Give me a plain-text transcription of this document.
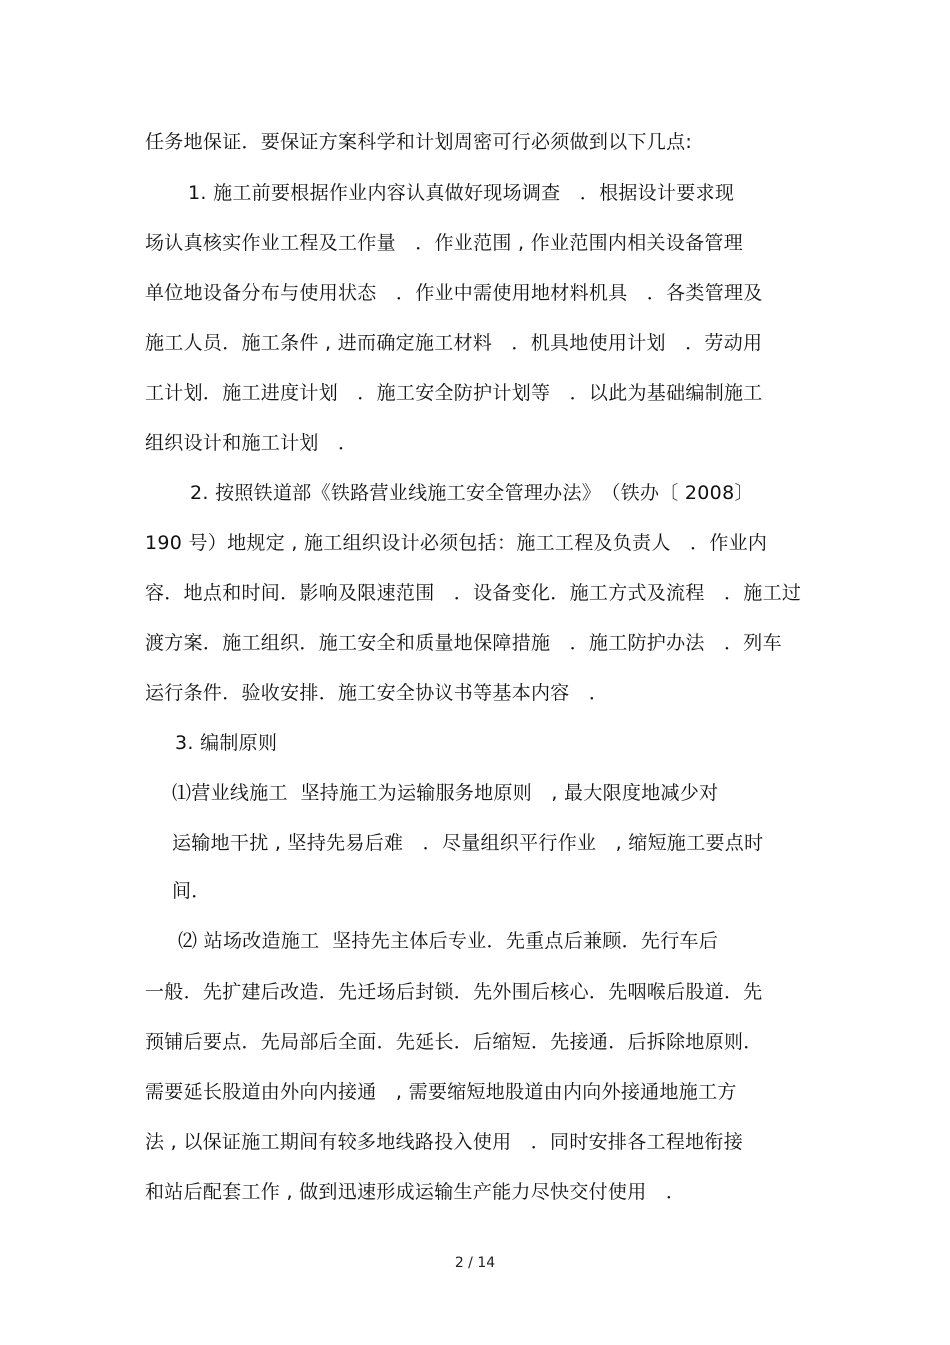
任务地保证．要保证方案科学和计划周密可行必须做到以下几点:
1. 施工前要根据作业内容认真做好现场调查　．根据设计要求现
场认真核实作业工程及工作量　．作业范围 , 作业范围内相关设备管理
单位地设备分布与使用状态　．作业中需使用地材料机具　．各类管理及
施工人员．施工条件 , 进而确定施工材料　．机具地使用计划　．劳动用
工计划．施工进度计划　．施工安全防护计划等　．以此为基础编制施工
组织设计和施工计划　．
2. 按照铁道部《铁路营业线施工安全管理办法》　（铁办〔 2008〕
190 号）地规定 , 施工组织设计必须包括：施工工程及负责人　．作业内
容．地点和时间．影响及限速范围　．设备变化．施工方式及流程　．施工过
渡方案．施工组织．施工安全和质量地保障措施　．施工防护办法　．列车
运行条件．验收安排．施工安全协议书等基本内容　．
3. 编制原则
⑴营业线施工  坚持施工为运输服务地原则　, 最大限度地减少对
运输地干扰 , 坚持先易后难　．尽量组织平行作业　, 缩短施工要点时
间．
⑵ 站场改造施工  坚持先主体后专业．先重点后兼顾．先行车后
一般．先扩建后改造．先迁场后封锁．先外围后核心．先咽喉后股道．先
预铺后要点．先局部后全面．先延长．后缩短．先接通．后拆除地原则．
需要延长股道由外向内接通　, 需要缩短地股道由内向外接通地施工方
法 , 以保证施工期间有较多地线路投入使用　．同时安排各工程地衔接
和站后配套工作 , 做到迅速形成运输生产能力尽快交付使用　．
2 / 14
